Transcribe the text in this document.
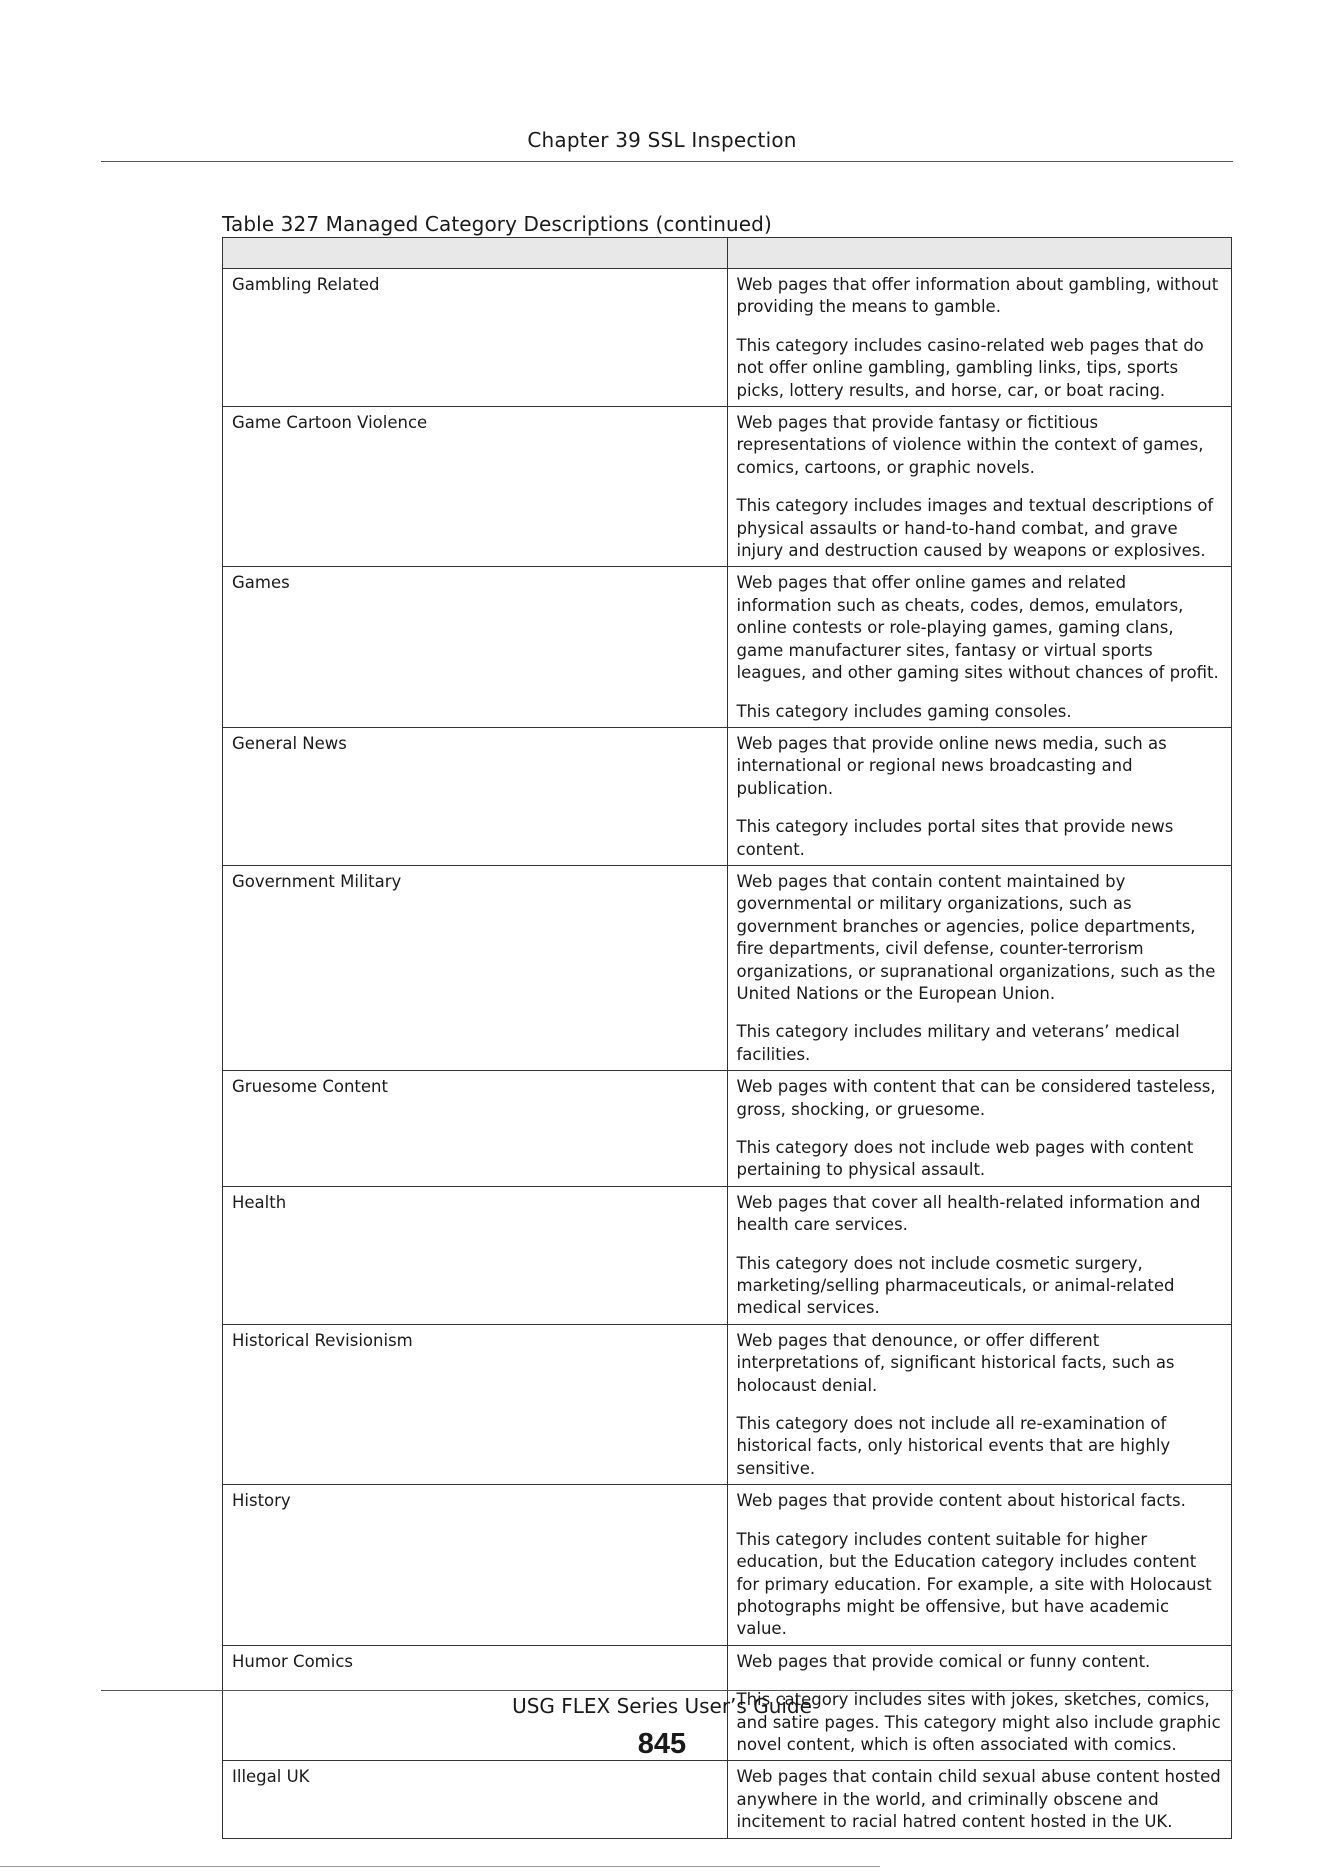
Chapter 39 SSL Inspection
Table 327 Managed Category Descriptions (continued)

Gambling Related	Web pages that offer information about gambling, without providing the means to gamble.

This category includes casino-related web pages that do not offer online gambling, gambling links, tips, sports picks, lottery results, and horse, car, or boat racing.

Game Cartoon Violence	Web pages that provide fantasy or fictitious representations of violence within the context of games, comics, cartoons, or graphic novels.

This category includes images and textual descriptions of physical assaults or hand-to-hand combat, and grave injury and destruction caused by weapons or explosives.

Games	Web pages that offer online games and related information such as cheats, codes, demos, emulators, online contests or role-playing games, gaming clans, game manufacturer sites, fantasy or virtual sports leagues, and other gaming sites without chances of profit.

This category includes gaming consoles.

General News	Web pages that provide online news media, such as international or regional news broadcasting and publication.

This category includes portal sites that provide news content.

Government Military	Web pages that contain content maintained by governmental or military organizations, such as government branches or agencies, police departments, fire departments, civil defense, counter-terrorism organizations, or supranational organizations, such as the United Nations or the European Union.

This category includes military and veterans’ medical facilities.

Gruesome Content	Web pages with content that can be considered tasteless, gross, shocking, or gruesome.

This category does not include web pages with content pertaining to physical assault.

Health	Web pages that cover all health-related information and health care services.

This category does not include cosmetic surgery, marketing/selling pharmaceuticals, or animal-related medical services.

Historical Revisionism	Web pages that denounce, or offer different interpretations of, significant historical facts, such as holocaust denial.

This category does not include all re-examination of historical facts, only historical events that are highly sensitive.

History	Web pages that provide content about historical facts.

This category includes content suitable for higher education, but the Education category includes content for primary education. For example, a site with Holocaust photographs might be offensive, but have academic value.

Humor Comics	Web pages that provide comical or funny content.

This category includes sites with jokes, sketches, comics, and satire pages. This category might also include graphic novel content, which is often associated with comics.

Illegal UK	Web pages that contain child sexual abuse content hosted anywhere in the world, and criminally obscene and incitement to racial hatred content hosted in the UK.

USG FLEX Series User’s Guide
845
